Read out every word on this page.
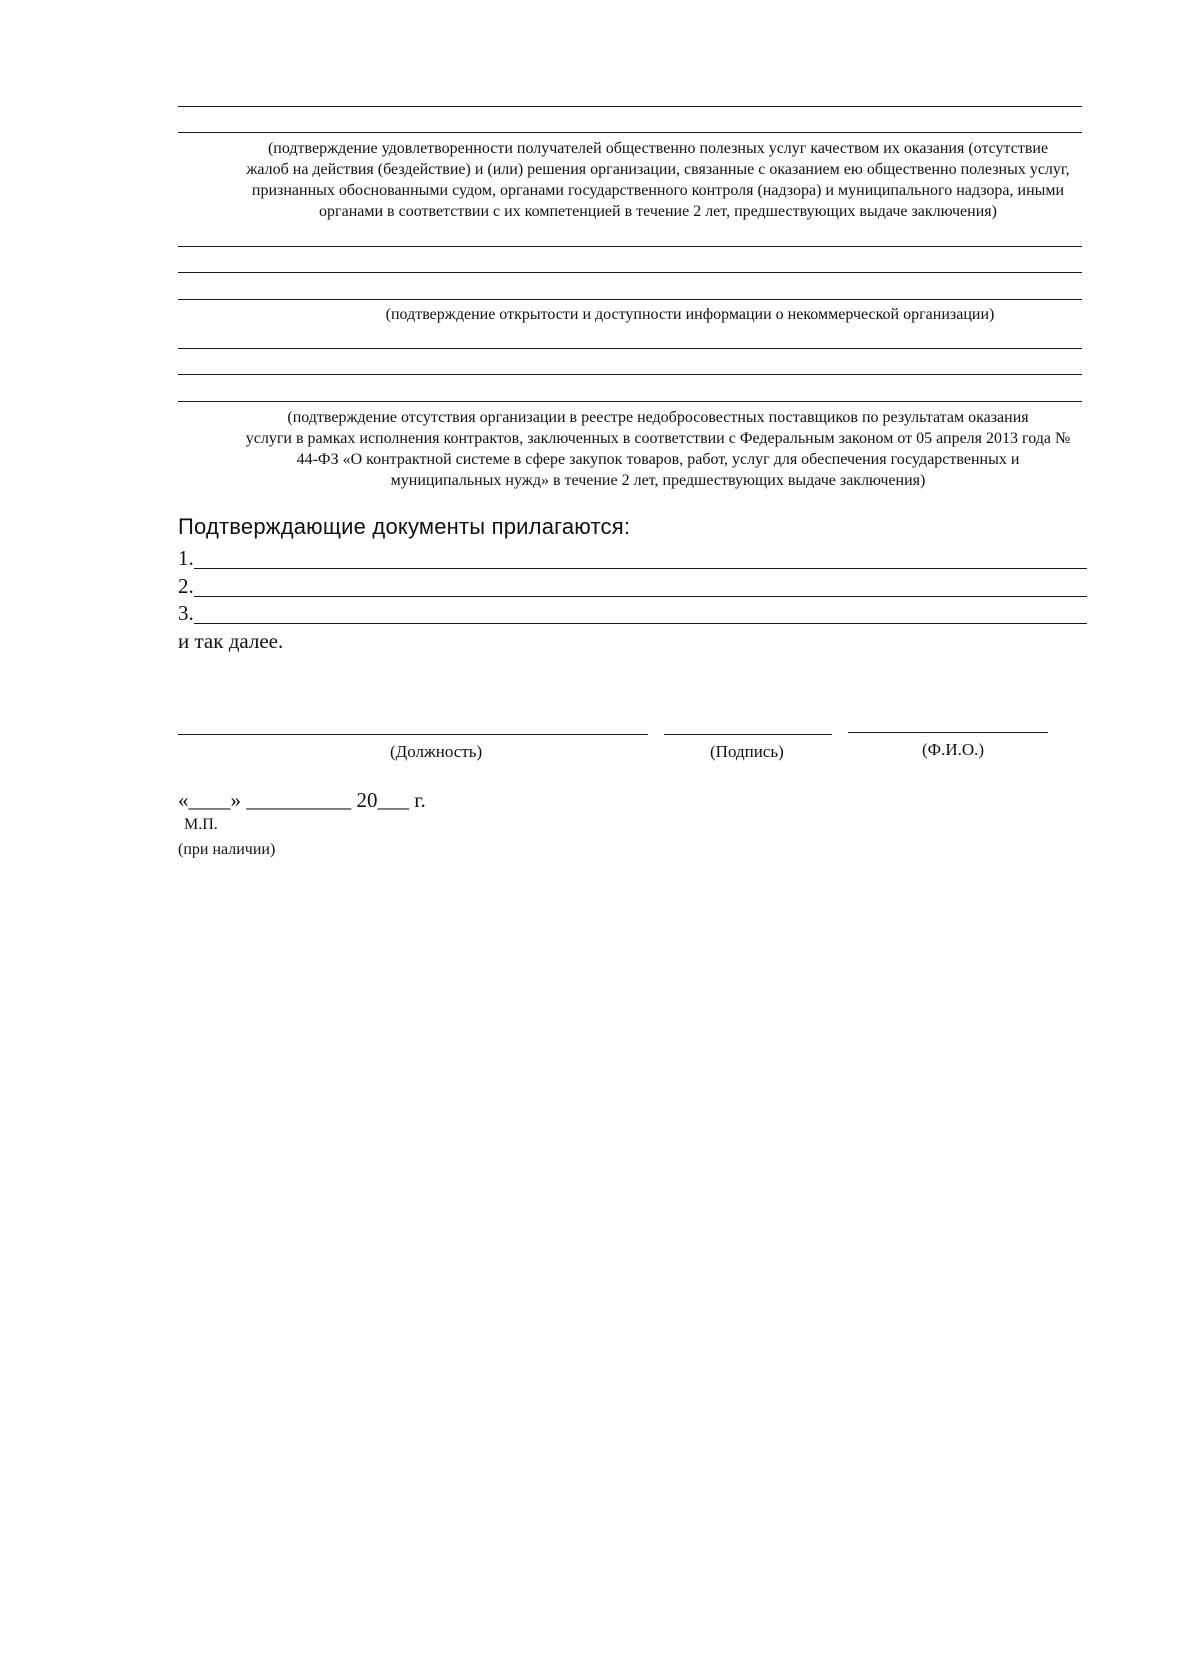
(подтверждение удовлетворенности получателей общественно полезных услуг качеством их оказания (отсутствие
жалоб на действия (бездействие) и (или) решения организации, связанные с оказанием ею общественно полезных услуг,
признанных обоснованными судом, органами государственного контроля (надзора) и муниципального надзора, иными
органами в соответствии с их компетенцией в течение 2 лет, предшествующих выдаче заключения)
(подтверждение открытости и доступности информации о некоммерческой организации)
(подтверждение отсутствия организации в реестре недобросовестных поставщиков по результатам оказания
услуги в рамках исполнения контрактов, заключенных в соответствии с Федеральным законом от 05 апреля 2013 года №
44-ФЗ «О контрактной системе в сфере закупок товаров, работ, услуг для обеспечения государственных и
муниципальных нужд» в течение 2 лет, предшествующих выдаче заключения)
Подтверждающие документы прилагаются:
1.
2.
3.
и так далее.
(Должность)	(Подпись)	(Ф.И.О.)
«____» __________ 20___ г.
М.П.
(при наличии)
